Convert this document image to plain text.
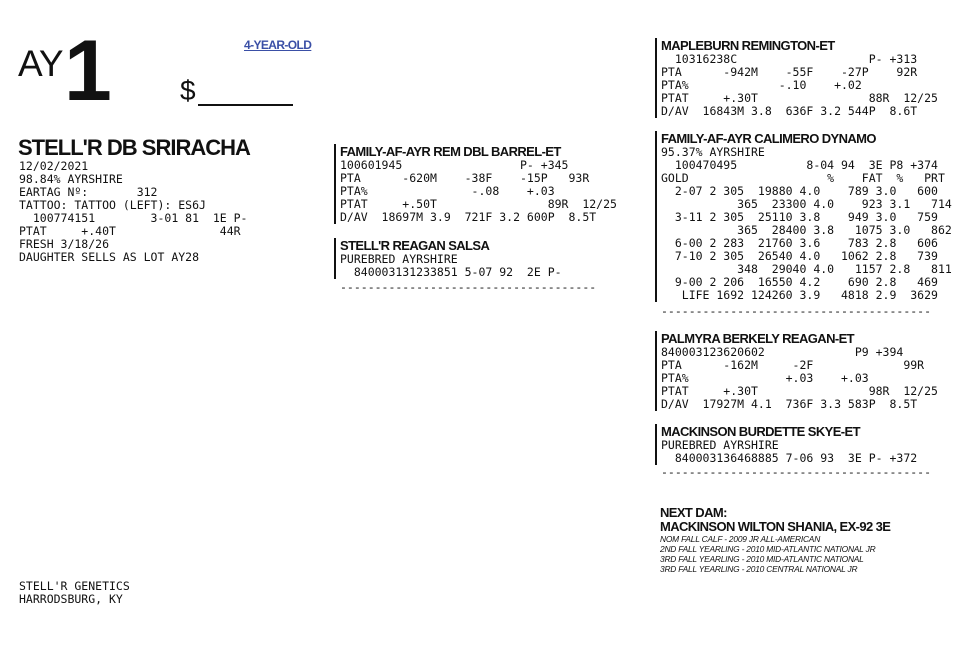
AY 1 $
4-YEAR-OLD
STELL'R DB SRIRACHA
12/02/2021
98.84% AYRSHIRE
EARTAG Nº:       312
TATTOO: TATTOO (LEFT): ES6J
100774151        3-01 81  1E P-
PTAT     +.40T               44R
FRESH 3/18/26
DAUGHTER SELLS AS LOT AY28
STELL'R GENETICS
HARRODSBURG, KY
FAMILY-AF-AYR REM DBL BARREL-ET
100601945                 P- +345
PTA      -620M    -38F    -15P   93R
PTA%               -.08    +.03
PTAT     +.50T                89R  12/25
D/AV  18697M 3.9  721F 3.2 600P  8.5T
STELL'R REAGAN SALSA
PUREBRED AYRSHIRE
840003131233851 5-07 92  2E P-
-------------------------------------
MAPLEBURN REMINGTON-ET
10316238C                   P- +313
PTA      -942M    -55F    -27P    92R
PTA%             -.10    +.02
PTAT     +.30T                88R  12/25
D/AV  16843M 3.8  636F 3.2 544P  8.6T
FAMILY-AF-AYR CALIMERO DYNAMO
95.37% AYRSHIRE
100470495          8-04 94  3E P8 +374
GOLD                    %    FAT  %   PRT
2-07 2 305  19880 4.0    789 3.0   600
365  23300 4.0    923 3.1   714
3-11 2 305  25110 3.8    949 3.0   759
365  28400 3.8   1075 3.0   862
6-00 2 283  21760 3.6    783 2.8   606
7-10 2 305  26540 4.0   1062 2.8   739
348  29040 4.0   1157 2.8   811
9-00 2 206  16550 4.2    690 2.8   469
LIFE 1692 124260 3.9   4818 2.9  3629
---------------------------------------
PALMYRA BERKELY REAGAN-ET
840003123620602             P9 +394
PTA      -162M     -2F             99R
PTA%              +.03    +.03
PTAT     +.30T                98R  12/25
D/AV  17927M 4.1  736F 3.3 583P  8.5T
MACKINSON BURDETTE SKYE-ET
PUREBRED AYRSHIRE
840003136468885 7-06 93  3E P- +372
---------------------------------------
NEXT DAM:
MACKINSON WILTON SHANIA, EX-92 3E
NOM FALL CALF - 2009 JR ALL-AMERICAN
2ND FALL YEARLING - 2010 MID-ATLANTIC NATIONAL JR
3RD FALL YEARLING - 2010 MID-ATLANTIC NATIONAL
3RD FALL YEARLING - 2010 CENTRAL NATIONAL JR
